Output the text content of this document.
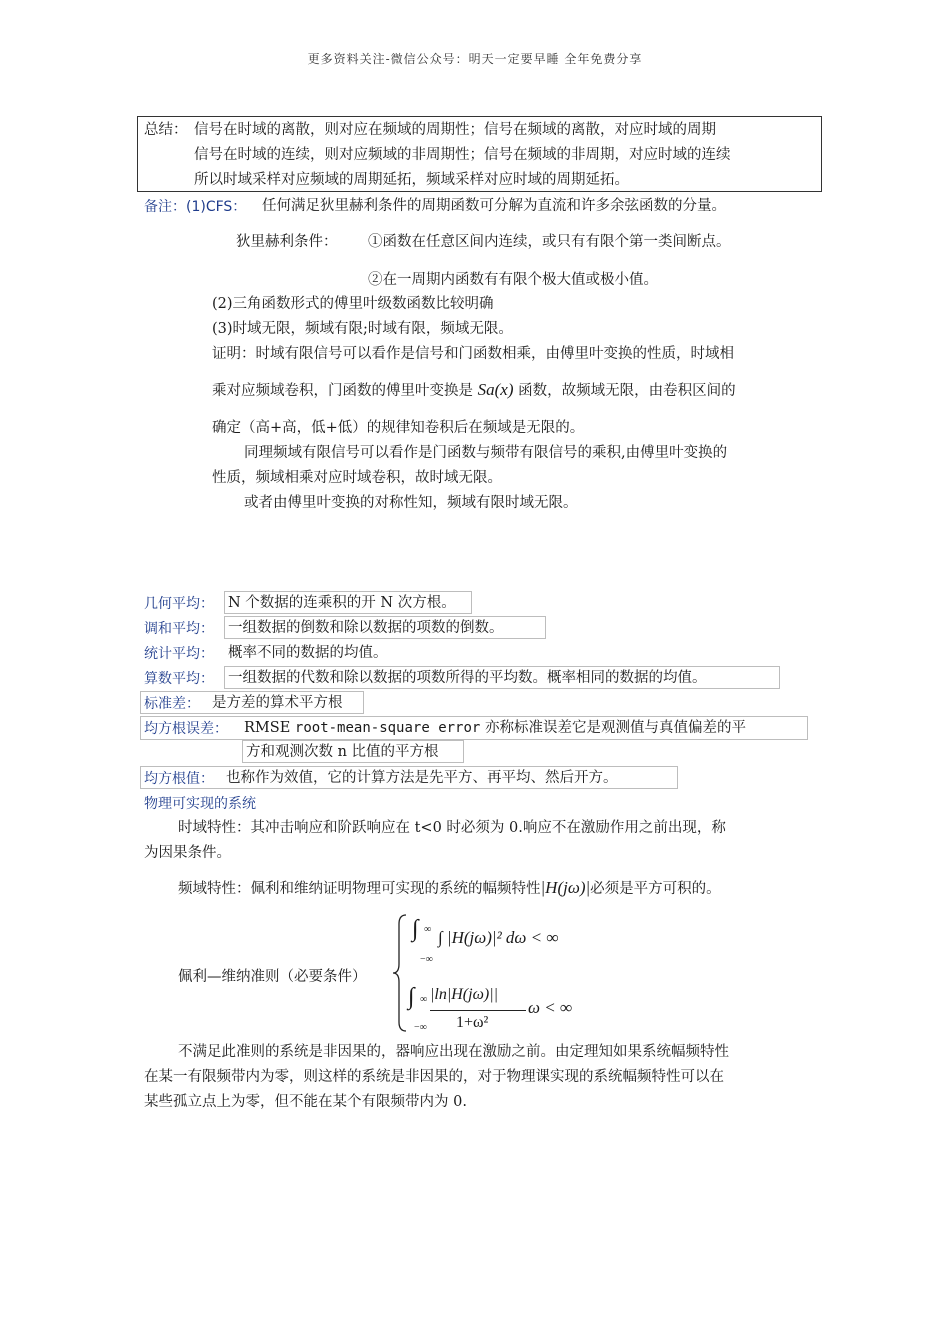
更多资料关注-微信公众号：明天一定要早睡 全年免费分享
总结： 信号在时域的离散，则对应在频域的周期性；信号在频域的离散，对应时域的周期
信号在时域的连续，则对应频域的非周期性；信号在频域的非周期，对应时域的连续
所以时域采样对应频域的周期延拓，频域采样对应时域的周期延拓。
备注：(1)CFS： 任何满足狄里赫利条件的周期函数可分解为直流和许多余弦函数的分量。
狄里赫利条件： ①函数在任意区间内连续，或只有有限个第一类间断点。
②在一周期内函数有有限个极大值或极小值。
(2)三角函数形式的傅里叶级数函数比较明确
(3)时域无限，频域有限;时域有限，频域无限。
证明：时域有限信号可以看作是信号和门函数相乘，由傅里叶变换的性质，时域相
乘对应频域卷积，门函数的傅里叶变换是 Sa(x) 函数，故频域无限，由卷积区间的
确定（高+高，低+低）的规律知卷积后在频域是无限的。
同理频域有限信号可以看作是门函数与频带有限信号的乘积,由傅里叶变换的
性质，频域相乘对应时域卷积，故时域无限。
或者由傅里叶变换的对称性知，频域有限时域无限。
几何平均： N 个数据的连乘积的开 N 次方根。
调和平均： 一组数据的倒数和除以数据的项数的倒数。
统计平均： 概率不同的数据的均值。
算数平均： 一组数据的代数和除以数据的项数所得的平均数。概率相同的数据的均值。
标准差： 是方差的算术平方根
均方根误差： RMSE root-mean-square error 亦称标准误差它是观测值与真值偏差的平
方和观测次数 n 比值的平方根
均方根值： 也称作为效值，它的计算方法是先平方、再平均、然后开方。
物理可实现的系统
时域特性：其冲击响应和阶跃响应在 t<0 时必须为 0.响应不在激励作用之前出现，称
为因果条件。
频域特性：佩利和维纳证明物理可实现的系统的幅频特性|H(jω)|必须是平方可积的。
佩利—维纳准则（必要条件）
∫ ∞
−∞
∫ |H(jω)|² dω < ∞
∫ ∞
−∞
|ln|H(jω)||
1+ω²
ω < ∞
不满足此准则的系统是非因果的，器响应出现在激励之前。由定理知如果系统幅频特性
在某一有限频带内为零，则这样的系统是非因果的，对于物理课实现的系统幅频特性可以在
某些孤立点上为零，但不能在某个有限频带内为 0.
